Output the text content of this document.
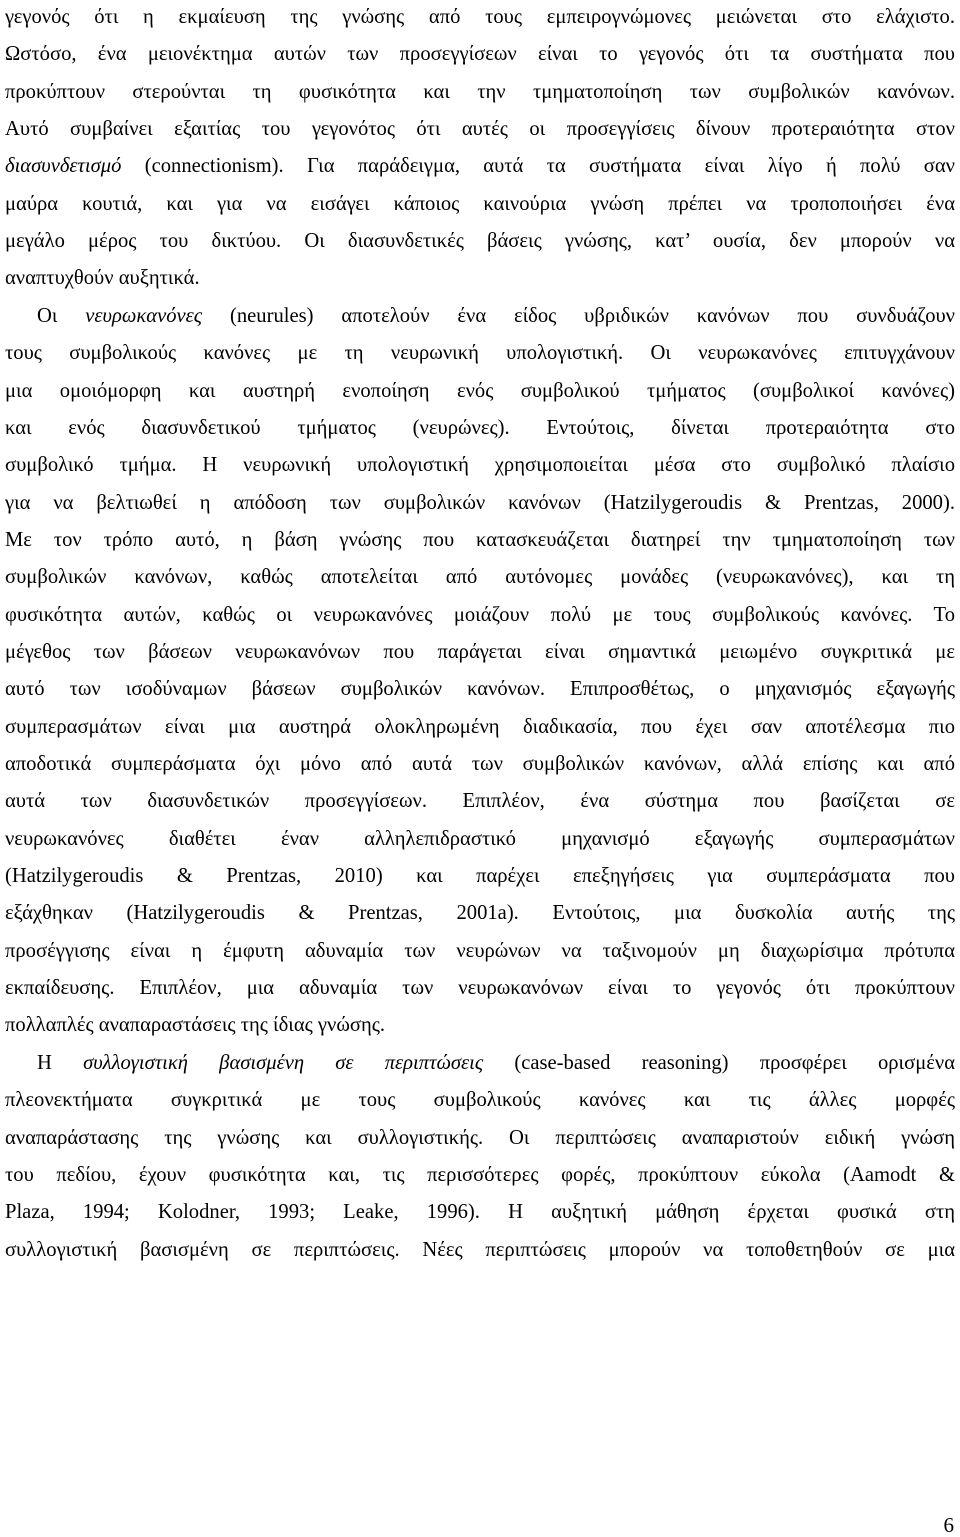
γεγονός ότι η εκμαίευση της γνώσης από τους εμπειρογνώμονες μειώνεται στο ελάχιστο.
Ωστόσο, ένα μειονέκτημα αυτών των προσεγγίσεων είναι το γεγονός ότι τα συστήματα που
προκύπτουν στερούνται τη φυσικότητα και την τμηματοποίηση των συμβολικών κανόνων.
Αυτό συμβαίνει εξαιτίας του γεγονότος ότι αυτές οι προσεγγίσεις δίνουν προτεραιότητα στον
διασυνδετισμό (connectionism). Για παράδειγμα, αυτά τα συστήματα είναι λίγο ή πολύ σαν
μαύρα κουτιά, και για να εισάγει κάποιος καινούρια γνώση πρέπει να τροποποιήσει ένα
μεγάλο μέρος του δικτύου. Οι διασυνδετικές βάσεις γνώσης, κατ’ ουσία, δεν μπορούν να
αναπτυχθούν αυξητικά.
Οι νευρωκανόνες (neurules) αποτελούν ένα είδος υβριδικών κανόνων που συνδυάζουν
τους συμβολικούς κανόνες με τη νευρωνική υπολογιστική. Οι νευρωκανόνες επιτυγχάνουν
μια ομοιόμορφη και αυστηρή ενοποίηση ενός συμβολικού τμήματος (συμβολικοί κανόνες)
και ενός διασυνδετικού τμήματος (νευρώνες). Εντούτοις, δίνεται προτεραιότητα στο
συμβολικό τμήμα. Η νευρωνική υπολογιστική χρησιμοποιείται μέσα στο συμβολικό πλαίσιο
για να βελτιωθεί η απόδοση των συμβολικών κανόνων (Hatzilygeroudis & Prentzas, 2000).
Με τον τρόπο αυτό, η βάση γνώσης που κατασκευάζεται διατηρεί την τμηματοποίηση των
συμβολικών κανόνων, καθώς αποτελείται από αυτόνομες μονάδες (νευρωκανόνες), και τη
φυσικότητα αυτών, καθώς οι νευρωκανόνες μοιάζουν πολύ με τους συμβολικούς κανόνες. Το
μέγεθος των βάσεων νευρωκανόνων που παράγεται είναι σημαντικά μειωμένο συγκριτικά με
αυτό των ισοδύναμων βάσεων συμβολικών κανόνων. Επιπροσθέτως, ο μηχανισμός εξαγωγής
συμπερασμάτων είναι μια αυστηρά ολοκληρωμένη διαδικασία, που έχει σαν αποτέλεσμα πιο
αποδοτικά συμπεράσματα όχι μόνο από αυτά των συμβολικών κανόνων, αλλά επίσης και από
αυτά των διασυνδετικών προσεγγίσεων. Επιπλέον, ένα σύστημα που βασίζεται σε
νευρωκανόνες διαθέτει έναν αλληλεπιδραστικό μηχανισμό εξαγωγής συμπερασμάτων
(Hatzilygeroudis & Prentzas, 2010) και παρέχει επεξηγήσεις για συμπεράσματα που
εξάχθηκαν (Hatzilygeroudis & Prentzas, 2001a). Εντούτοις, μια δυσκολία αυτής της
προσέγγισης είναι η έμφυτη αδυναμία των νευρώνων να ταξινομούν μη διαχωρίσιμα πρότυπα
εκπαίδευσης. Επιπλέον, μια αδυναμία των νευρωκανόνων είναι το γεγονός ότι προκύπτουν
πολλαπλές αναπαραστάσεις της ίδιας γνώσης.
Η συλλογιστική βασισμένη σε περιπτώσεις (case-based reasoning) προσφέρει ορισμένα
πλεονεκτήματα συγκριτικά με τους συμβολικούς κανόνες και τις άλλες μορφές
αναπαράστασης της γνώσης και συλλογιστικής. Οι περιπτώσεις αναπαριστούν ειδική γνώση
του πεδίου, έχουν φυσικότητα και, τις περισσότερες φορές, προκύπτουν εύκολα (Aamodt &
Plaza, 1994; Kolodner, 1993; Leake, 1996). Η αυξητική μάθηση έρχεται φυσικά στη
συλλογιστική βασισμένη σε περιπτώσεις. Νέες περιπτώσεις μπορούν να τοποθετηθούν σε μια
6
